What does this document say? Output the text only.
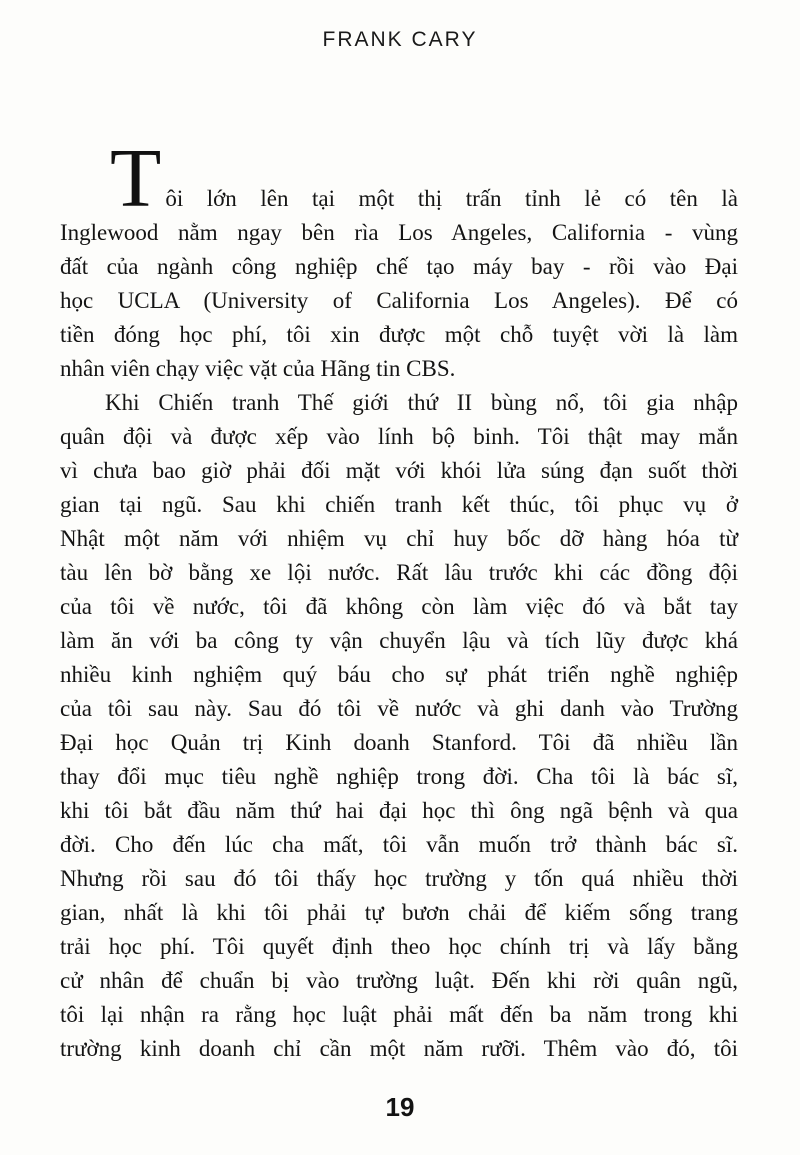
FRANK CARY
Tôi lớn lên tại một thị trấn tỉnh lẻ có tên là
Inglewood nằm ngay bên rìa Los Angeles, California - vùng
đất của ngành công nghiệp chế tạo máy bay - rồi vào Đại
học UCLA (University of California Los Angeles). Để có
tiền đóng học phí, tôi xin được một chỗ tuyệt vời là làm
nhân viên chạy việc vặt của Hãng tin CBS.
Khi Chiến tranh Thế giới thứ II bùng nổ, tôi gia nhập
quân đội và được xếp vào lính bộ binh. Tôi thật may mắn
vì chưa bao giờ phải đối mặt với khói lửa súng đạn suốt thời
gian tại ngũ. Sau khi chiến tranh kết thúc, tôi phục vụ ở
Nhật một năm với nhiệm vụ chỉ huy bốc dỡ hàng hóa từ
tàu lên bờ bằng xe lội nước. Rất lâu trước khi các đồng đội
của tôi về nước, tôi đã không còn làm việc đó và bắt tay
làm ăn với ba công ty vận chuyển lậu và tích lũy được khá
nhiều kinh nghiệm quý báu cho sự phát triển nghề nghiệp
của tôi sau này. Sau đó tôi về nước và ghi danh vào Trường
Đại học Quản trị Kinh doanh Stanford. Tôi đã nhiều lần
thay đổi mục tiêu nghề nghiệp trong đời. Cha tôi là bác sĩ,
khi tôi bắt đầu năm thứ hai đại học thì ông ngã bệnh và qua
đời. Cho đến lúc cha mất, tôi vẫn muốn trở thành bác sĩ.
Nhưng rồi sau đó tôi thấy học trường y tốn quá nhiều thời
gian, nhất là khi tôi phải tự bươn chải để kiếm sống trang
trải học phí. Tôi quyết định theo học chính trị và lấy bằng
cử nhân để chuẩn bị vào trường luật. Đến khi rời quân ngũ,
tôi lại nhận ra rằng học luật phải mất đến ba năm trong khi
trường kinh doanh chỉ cần một năm rưỡi. Thêm vào đó, tôi
19
